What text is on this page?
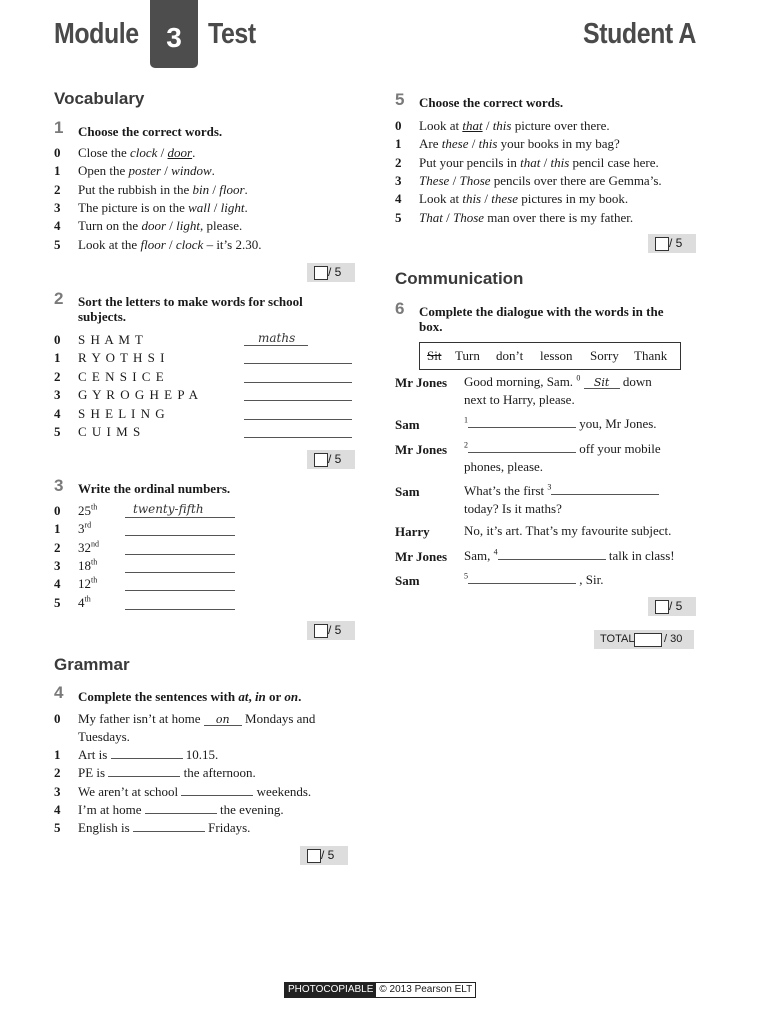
Module 3 Test	Student A
Vocabulary
1 Choose the correct words.
0 Close the clock / door.
1 Open the poster / window.
2 Put the rubbish in the bin / floor.
3 The picture is on the wall / light.
4 Turn on the door / light, please.
5 Look at the floor / clock – it’s 2.30.
/ 5
2 Sort the letters to make words for school
subjects.
0 S H A M T	maths
1 R Y O T H S I
2 C E N S I C E
3 G Y R O G H E P A
4 S H E L I N G
5 C U I M S
/ 5
3 Write the ordinal numbers.
0 25th	twenty-fifth
1 3rd
2 32nd
3 18th
4 12th
5 4th
/ 5
Grammar
4 Complete the sentences with at, in or on.
0 My father isn’t at home on Mondays and
Tuesdays.
1 Art is	10.15.
2 PE is	the afternoon.
3 We aren’t at school	weekends.
4 I’m at home	the evening.
5 English is	Fridays.
/ 5
5 Choose the correct words.
0 Look at that / this picture over there.
1 Are these / this your books in my bag?
2 Put your pencils in that / this pencil case here.
3 These / Those pencils over there are Gemma’s.
4 Look at this / these pictures in my book.
5 That / Those man over there is my father.
/ 5
Communication
6 Complete the dialogue with the words in the
box.
Sit Turn don’t lesson Sorry Thank
Mr Jones Good morning, Sam. $^0$ Sit down
next to Harry, please.
Sam	$^1$	you, Mr Jones.
Mr Jones $^2$	off your mobile
phones, please.
Sam	What’s the first $^3$
today? Is it maths?
Harry	No, it’s art. That’s my favourite subject.
Mr Jones Sam, $^4$	talk in class!
Sam	$^5$	, Sir.
/ 5
TOTAL	/ 30
PHOTOCOPIABLE © 2013 Pearson ELT
